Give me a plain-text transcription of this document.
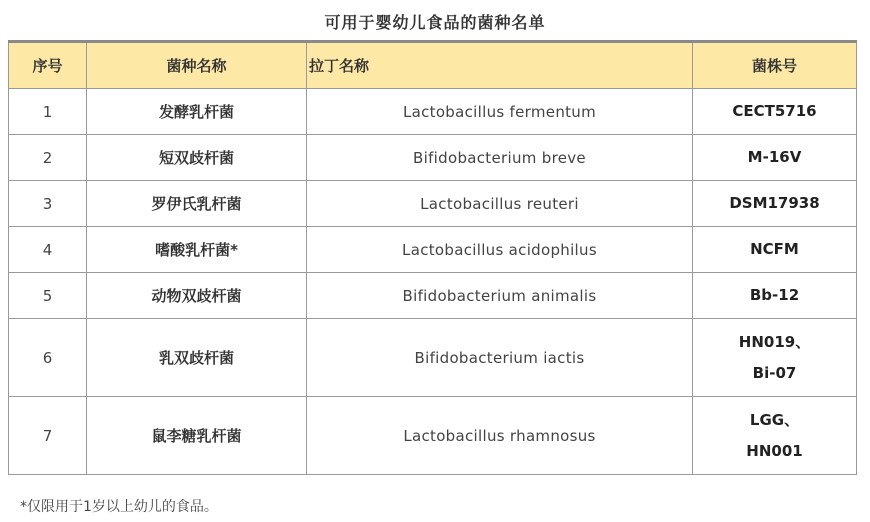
可用于婴幼儿食品的菌种名单
序号	菌种名称	拉丁名称	菌株号
1	发酵乳杆菌	Lactobacillus fermentum	CECT5716
2	短双歧杆菌	Bifidobacterium breve	M-16V
3	罗伊氏乳杆菌	Lactobacillus reuteri	DSM17938
4	嗜酸乳杆菌*	Lactobacillus acidophilus	NCFM
5	动物双歧杆菌	Bifidobacterium animalis	Bb-12
6	乳双歧杆菌	Bifidobacterium iactis	HN019、
Bi-07

7	鼠李糖乳杆菌	Lactobacillus rhamnosus	LGG、
HN001
*仅限用于1岁以上幼儿的食品。
